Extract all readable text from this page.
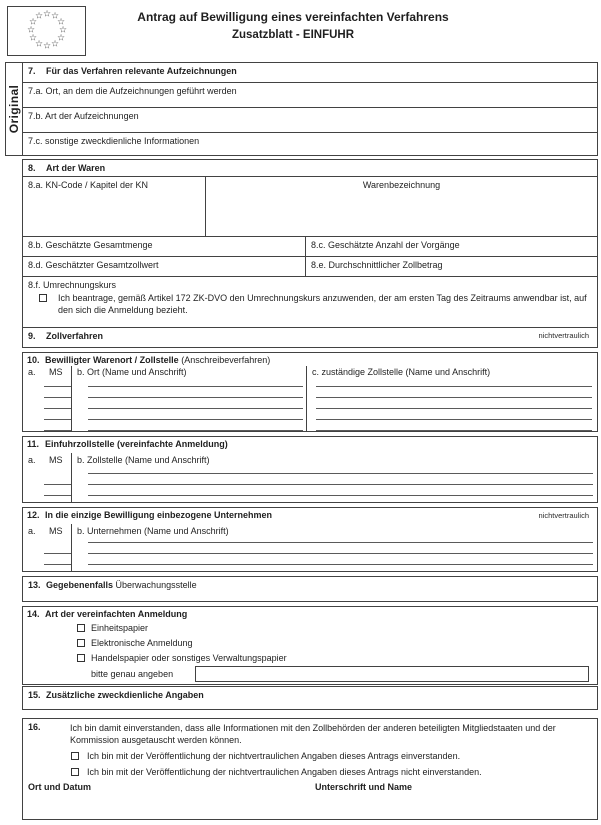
☆ ☆
☆
☆
☆
☆
☆
☆
☆
☆
☆
☆	Antrag auf Bewilligung eines vereinfachten Verfahrens
Zusatzblatt - EINFUHR
Original
7. Für das Verfahren relevante Aufzeichnungen
7.a. Ort, an dem die Aufzeichnungen geführt werden
7.b. Art der Aufzeichnungen
7.c. sonstige zweckdienliche Informationen
8. Art der Waren
8.a. KN-Code / Kapitel der KN	Warenbezeichnung
8.b. Geschätzte Gesamtmenge	8.c. Geschätzte Anzahl der Vorgänge
8.d. Geschätzter Gesamtzollwert	8.e. Durchschnittlicher Zollbetrag
8.f. Umrechnungskurs
Ich beantrage, gemäß Artikel 172 ZK-DVO den Umrechnungskurs anzuwenden, der am ersten Tag des Zeitraums anwendbar ist, auf den sich die Anmeldung bezieht.
9. Zollverfahren	nichtvertraulich
10. Bewilligter Warenort / Zollstelle (Anschreibeverfahren)
a. MS b. Ort (Name und Anschrift)	c. zuständige Zollstelle (Name und Anschrift)
11. Einfuhrzollstelle (vereinfachte Anmeldung)
a. MS b. Zollstelle (Name und Anschrift)
12. In die einzige Bewilligung einbezogene Unternehmen	nichtvertraulich
a. MS b. Unternehmen (Name und Anschrift)
13. Gegebenenfalls Überwachungsstelle
14. Art der vereinfachten Anmeldung
Einheitspapier
Elektronische Anmeldung
Handelspapier oder sonstiges Verwaltungspapier
bitte genau angeben
15. Zusätzliche zweckdienliche Angaben
16.	Ich bin damit einverstanden, dass alle Informationen mit den Zollbehörden der anderen beteiligten Mitgliedstaaten und der Kommission ausgetauscht werden können.
Ich bin mit der Veröffentlichung der nichtvertraulichen Angaben dieses Antrags einverstanden.
Ich bin mit der Veröffentlichung der nichtvertraulichen Angaben dieses Antrags nicht einverstanden.
Ort und Datum	Unterschrift und Name
